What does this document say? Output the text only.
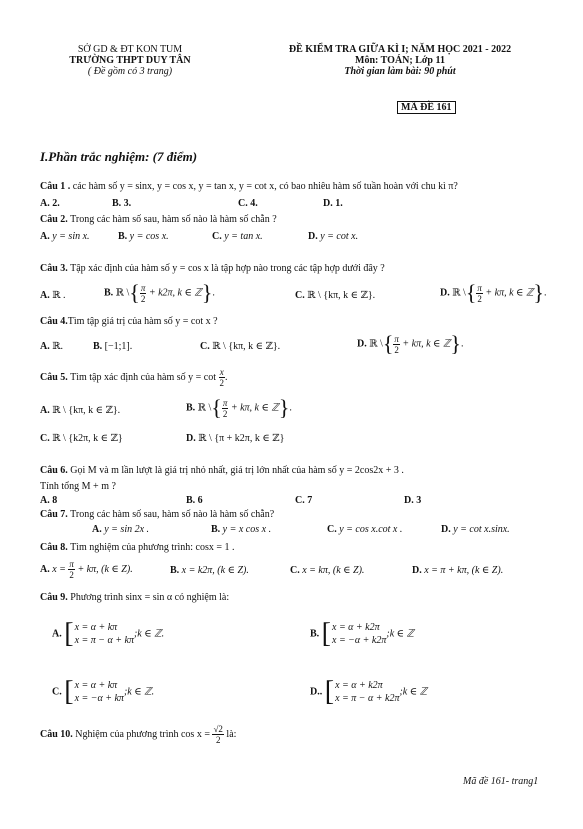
SỞ GD & ĐT KON TUM
TRƯỜNG THPT DUY TÂN
( Đề gồm có 3 trang)
ĐỀ KIỂM TRA GIỮA KÌ I; NĂM HỌC 2021 - 2022
Môn: TOÁN; Lớp 11
Thời gian làm bài: 90 phút
MÃ ĐỀ 161
I.Phần trắc nghiệm: (7 điểm)
Câu 1 . các hàm số y = sinx, y = cos x, y = tan x, y = cot x, có bao nhiêu hàm số tuần hoàn với chu kì π?
A. 2.	B. 3.	C. 4.	D. 1.
Câu 2. Trong các hàm số sau, hàm số nào là hàm số chẵn ?
A. y = sin x.	B. y = cos x.	C. y = tan x.	D. y = cot x.
Câu 3. Tập xác định của hàm số y = cos x là tập hợp nào trong các tập hợp dưới đây ?
A. ℝ .	B. ℝ \{ $\frac{\pi}{2} + k2\pi$, k ∈ ℤ}.	C. ℝ \ {kπ, k ∈ ℤ}.	D. ℝ \{ $\frac{\pi}{2} + k\pi$, k ∈ ℤ}.
Câu 4.Tìm tập giá trị của hàm số y = cot x ?
A. ℝ.	B. [−1;1].	C. ℝ \ {kπ, k ∈ ℤ}.	D. ℝ \{ $\frac{\pi}{2} + k\pi$, k ∈ ℤ}.
Câu 5. Tìm tập xác định của hàm số $y = \cot \frac{x}{2}$ .
A. ℝ \ {kπ, k ∈ ℤ}.	B. ℝ \{ $\frac{\pi}{2} + k\pi$, k ∈ ℤ}.
C. ℝ \ {k2π, k ∈ ℤ}	D. ℝ \ {π + k2π, k ∈ ℤ}
Câu 6. Gọi M và m lần lượt là giá trị nhỏ nhất, giá trị lớn nhất của hàm số y = 2cos2x + 3 .
Tính tổng M + m ?
A. 8	B. 6	C. 7	D. 3
Câu 7. Trong các hàm số sau, hàm số nào là hàm số chẵn?
A. y = sin 2x .	B. y = x cos x .	C. y = cos x.cot x .	D. y = cot x.sinx.
Câu 8. Tìm nghiệm của phương trình: cosx = 1 .
A. $x = \frac{\pi}{2} + k\pi$, (k ∈ Z).	B. x = k2π, (k ∈ Z).	C. x = kπ, (k ∈ Z).	D. x = π + kπ, (k ∈ Z).
Câu 9. Phương trình sinx = sin α có nghiệm là:
A. [ x = α + kπ
x = π − α + kπ
;k ∈ ℤ.	B. [ x = α + k2π
x = −α + k2π
;k ∈ ℤ
C. [ x = α + kπ
x = −α + kπ
;k ∈ ℤ.	D.. [ x = α + k2π
x = π − α + k2π
;k ∈ ℤ
Câu 10. Nghiệm của phương trình $\cos x = \frac{√2}{2}$ là:
Mã đề 161- trang1
